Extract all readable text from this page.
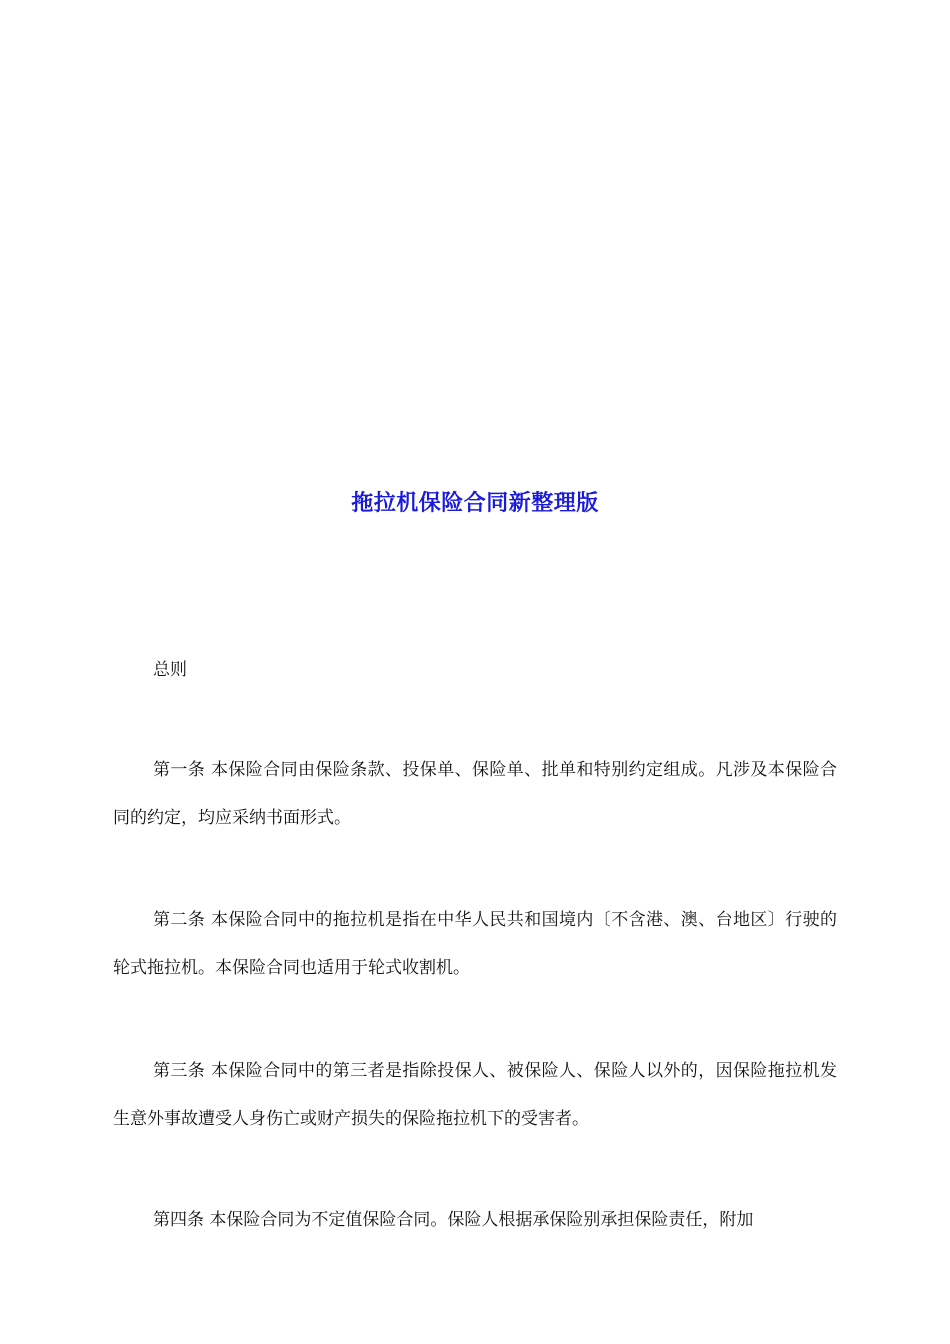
拖拉机保险合同新整理版
总则
第一条 本保险合同由保险条款、投保单、保险单、批单和特别约定组成。凡涉及本保险合同的约定，均应采纳书面形式。
第二条 本保险合同中的拖拉机是指在中华人民共和国境内〔不含港、澳、台地区〕行驶的轮式拖拉机。本保险合同也适用于轮式收割机。
第三条 本保险合同中的第三者是指除投保人、被保险人、保险人以外的，因保险拖拉机发生意外事故遭受人身伤亡或财产损失的保险拖拉机下的受害者。
第四条 本保险合同为不定值保险合同。保险人根据承保险别承担保险责任，附加
